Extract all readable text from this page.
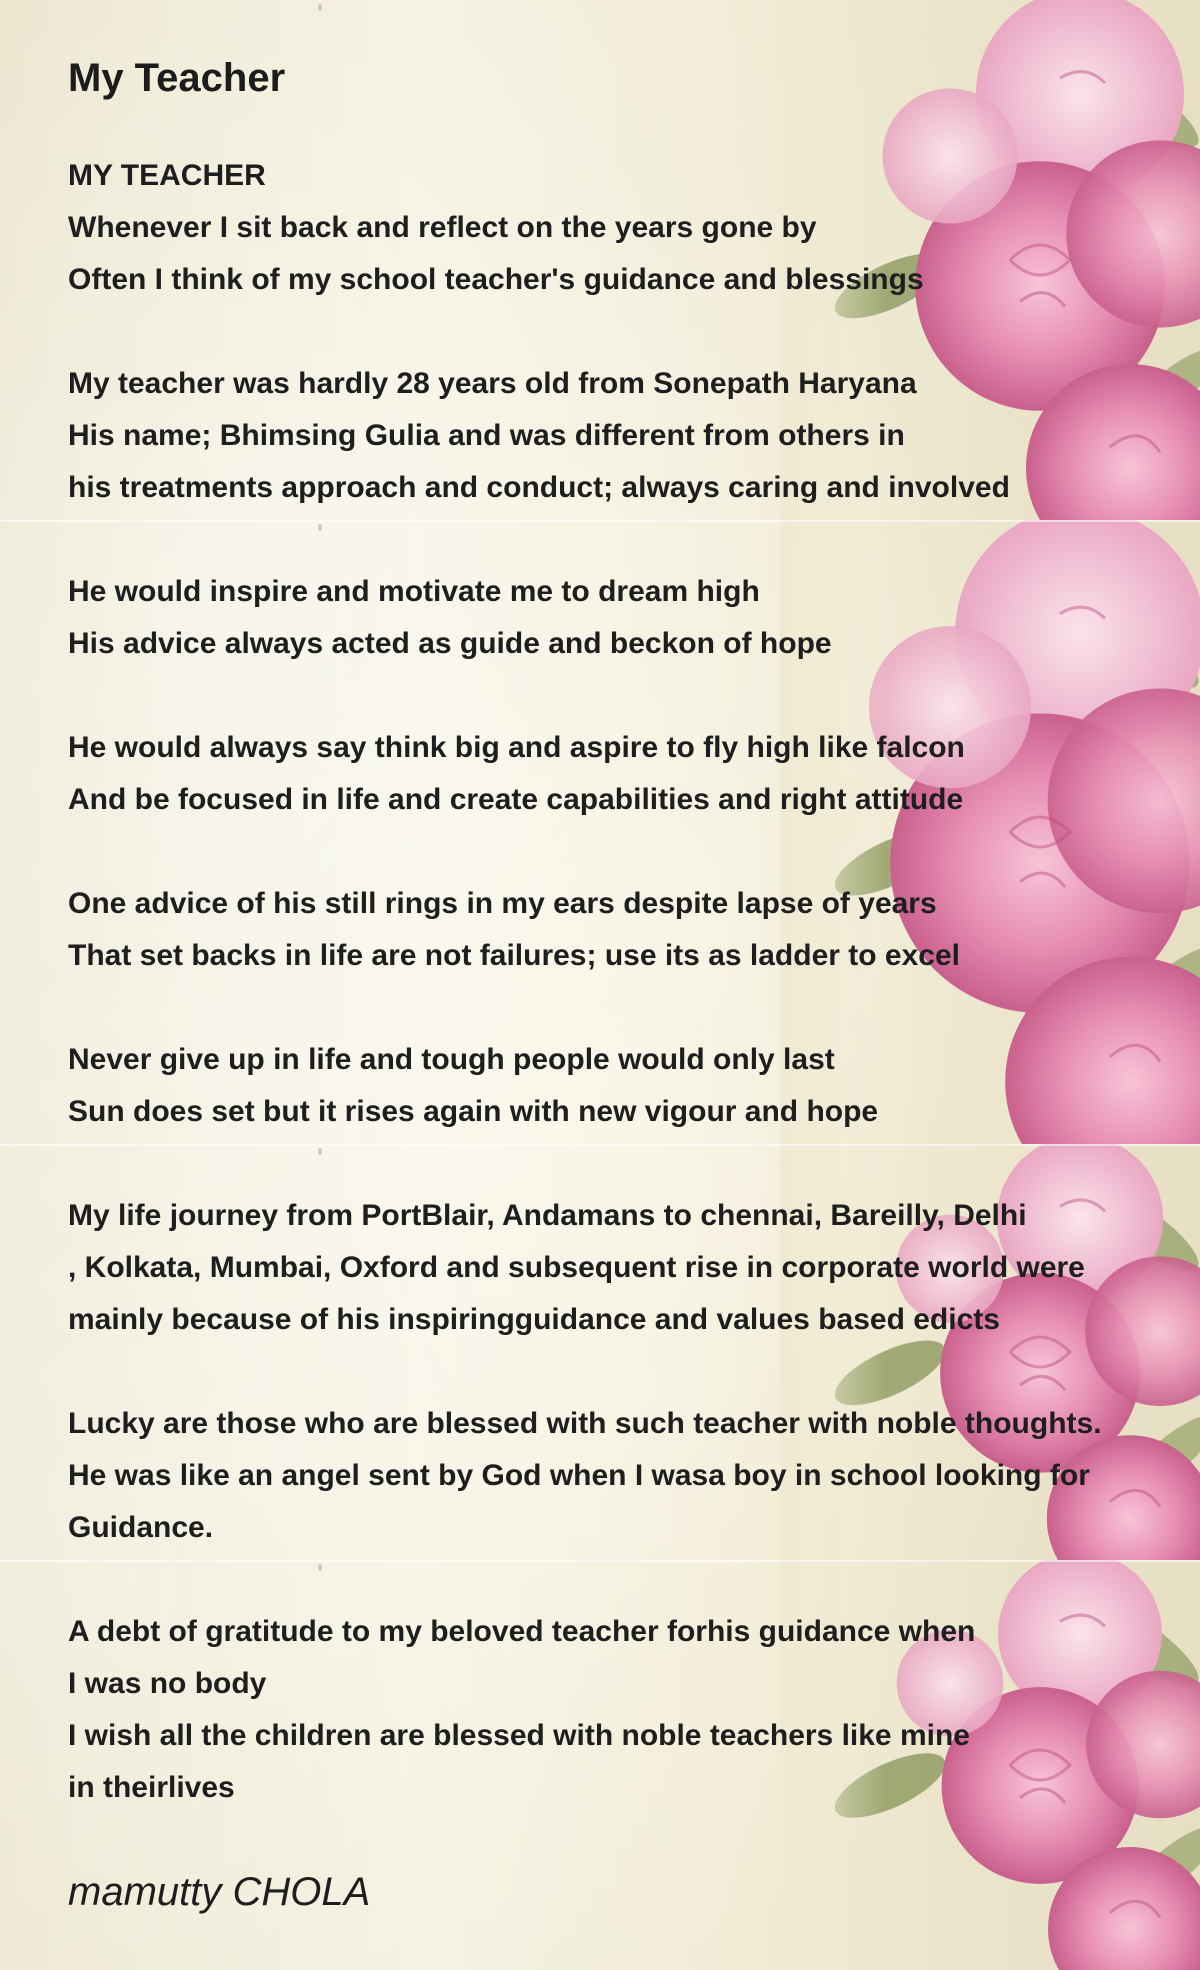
My Teacher
MY TEACHER
Whenever I sit back and reflect on the years gone by
Often I think of my school teacher's guidance and blessings
My teacher was hardly 28 years old from Sonepath Haryana
His name; Bhimsing Gulia and was different from others in
his treatments approach and conduct; always caring and involved
He would inspire and motivate me to dream high
His advice always acted as guide and beckon of hope
He would always say think big and aspire to fly high like falcon
And be focused in life and create capabilities and right attitude
One advice of his still rings in my ears despite lapse of years
That set backs in life are not failures; use its as ladder to excel
Never give up in life and tough people would only last
Sun does set but it rises again with new vigour and hope
My life journey from PortBlair, Andamans to chennai, Bareilly, Delhi
, Kolkata, Mumbai, Oxford and subsequent rise in corporate world were
mainly because of his inspiringguidance and values based edicts
Lucky are those who are blessed with such teacher with noble thoughts.
He was like an angel sent by God when I wasa boy in school looking for
Guidance.
A debt of gratitude to my beloved teacher forhis guidance when
I was no body
I wish all the children are blessed with noble teachers like mine
in theirlives
mamutty CHOLA
